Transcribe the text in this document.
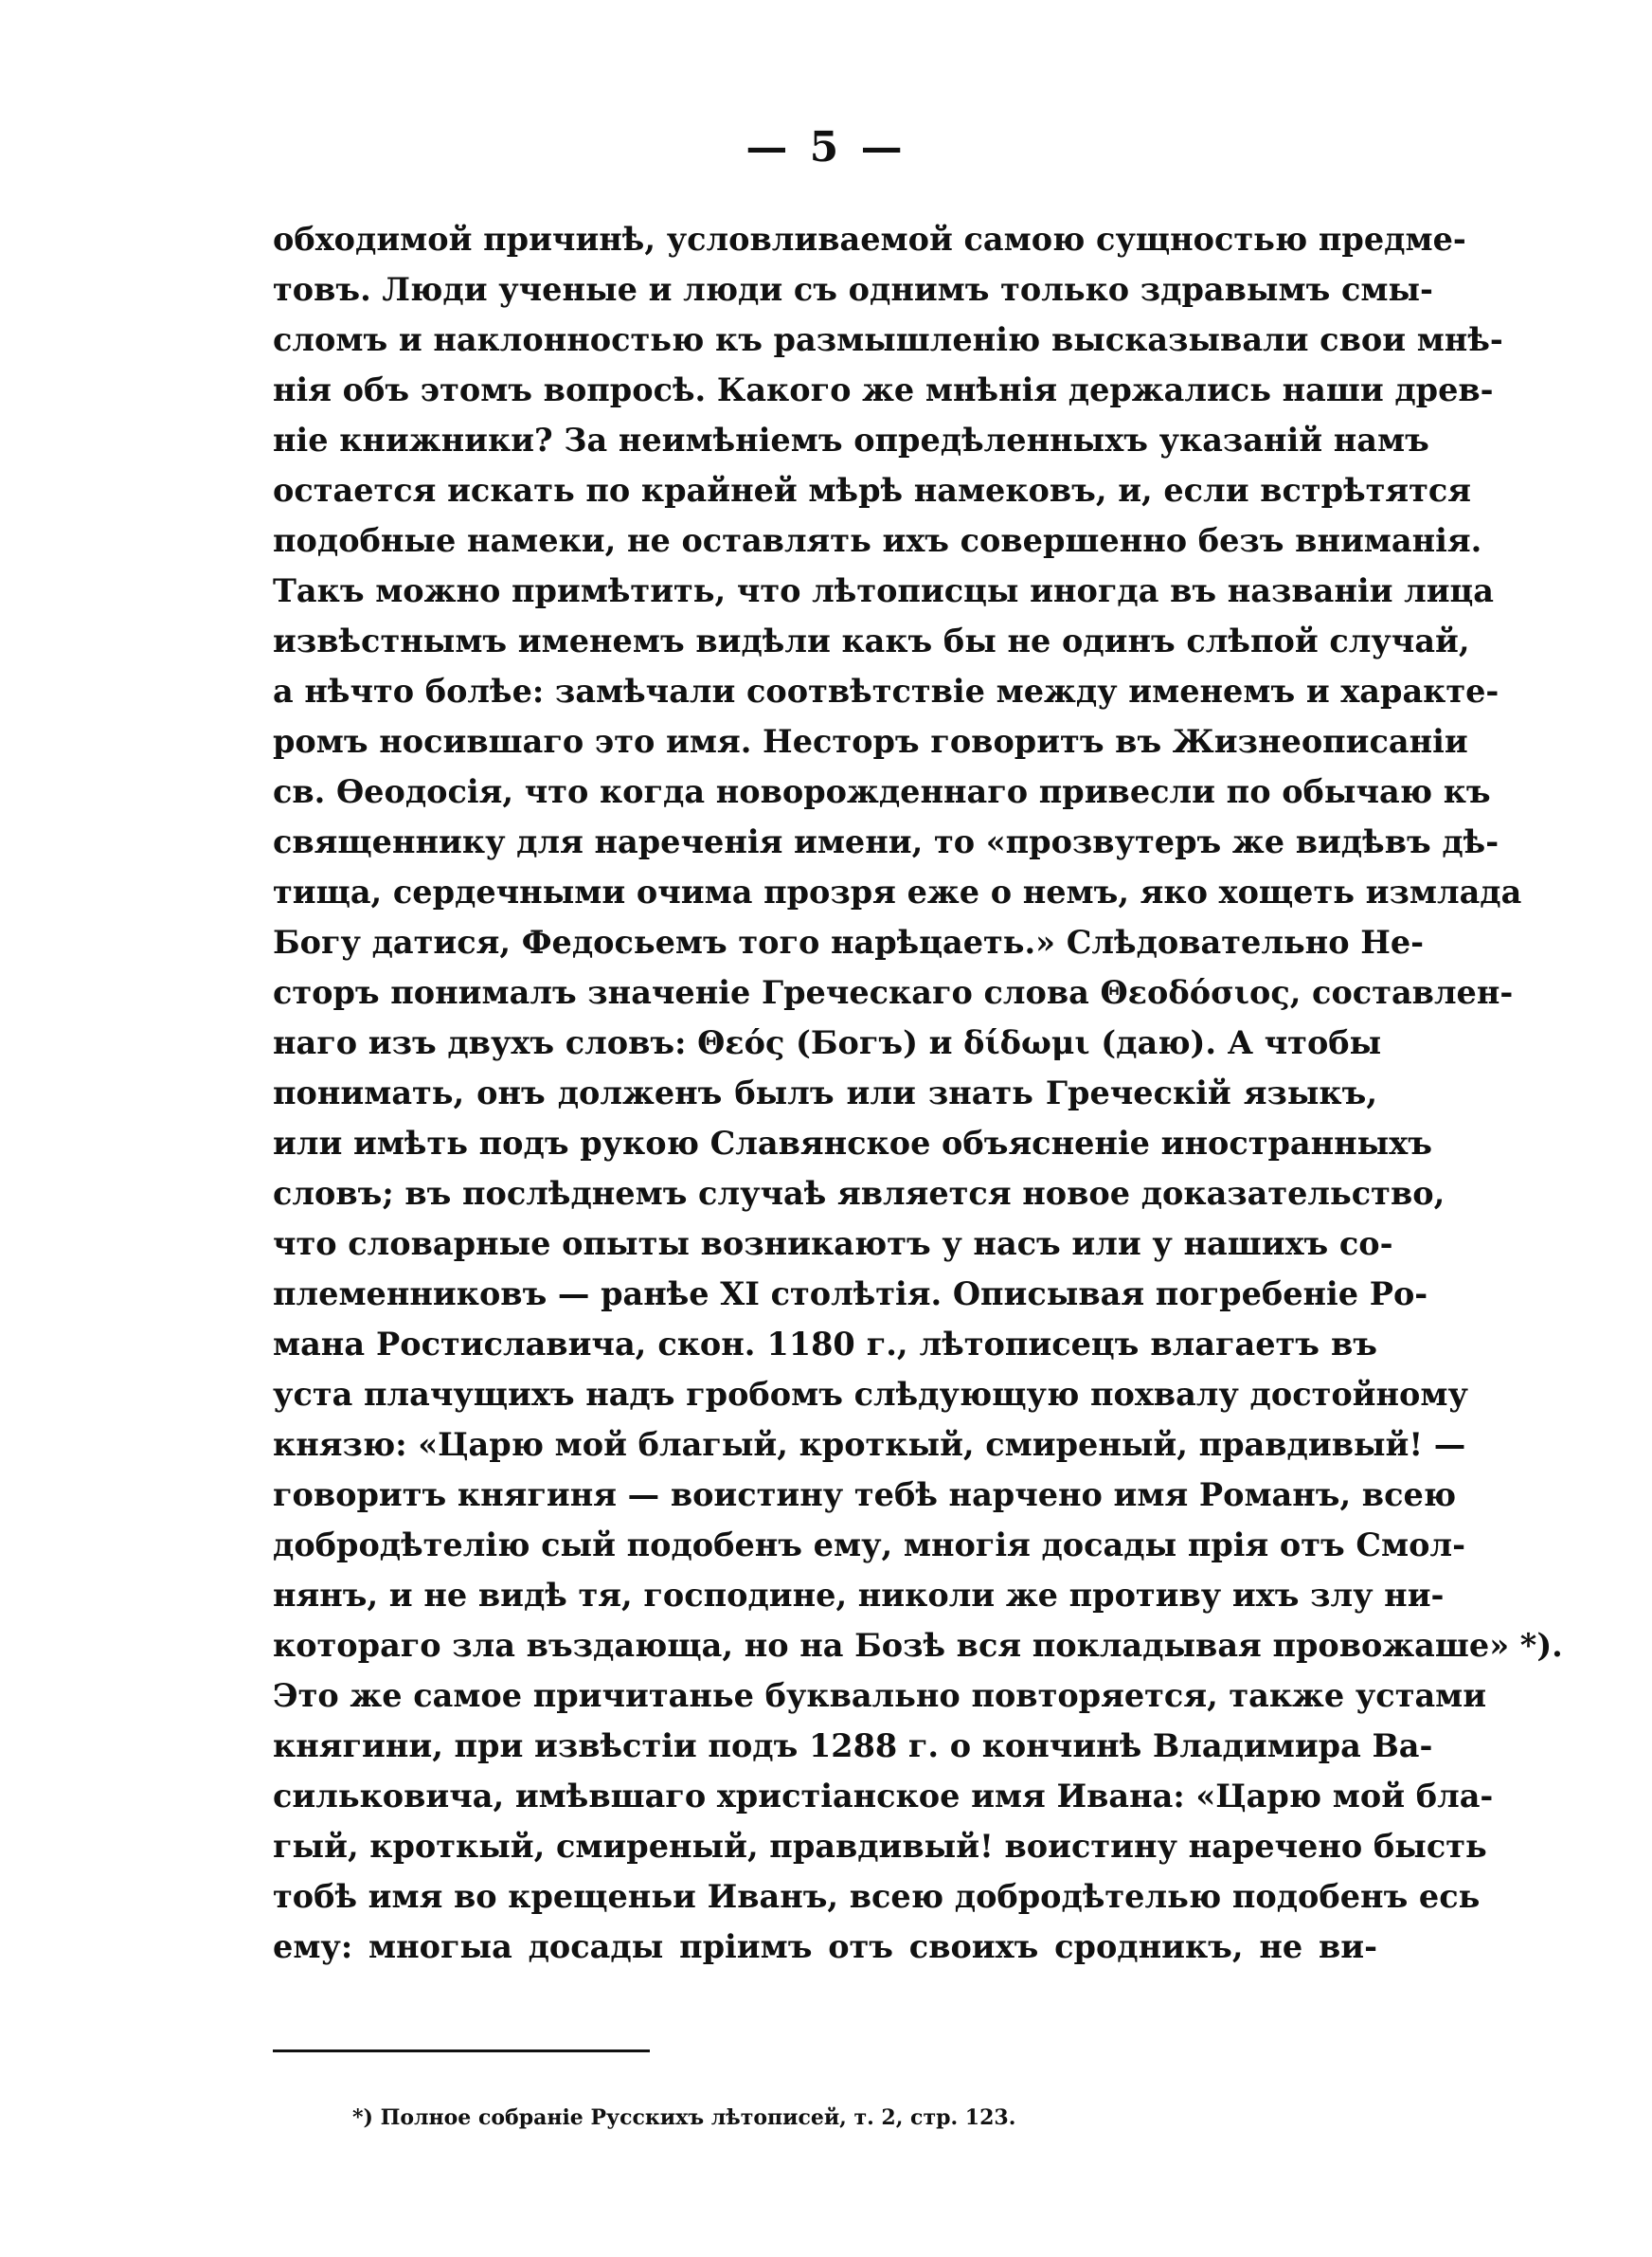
— 5 —
обходимой причинѣ, условливаемой самою сущностью предме-
товъ. Люди ученые и люди съ однимъ только здравымъ смы-
сломъ и наклонностью къ размышленію высказывали свои мнѣ-
нія объ этомъ вопросѣ. Какого же мнѣнія держались наши древ-
ніе книжники? За неимѣніемъ опредѣленныхъ указаній намъ
остается искать по крайней мѣрѣ намековъ, и, если встрѣтятся
подобные намеки, не оставлять ихъ совершенно безъ вниманія.
Такъ можно примѣтить, что лѣтописцы иногда въ названіи лица
извѣстнымъ именемъ видѣли какъ бы не одинъ слѣпой случай,
а нѣчто болѣе: замѣчали соотвѣтствіе между именемъ и характе-
ромъ носившаго это имя. Несторъ говоритъ въ Жизнеописаніи
св. Ѳеодосія, что когда новорожденнаго привесли по обычаю къ
священнику для нареченія имени, то «прозвутеръ же видѣвъ дѣ-
тища, сердечными очима прозря еже о немъ, яко хощеть измлада
Богу датися, Федосьемъ того нарѣцаеть.» Слѣдовательно Не-
сторъ понималъ значеніе Греческаго слова Θεοδόσιος, составлен-
наго изъ двухъ словъ: Θεός (Богъ) и δίδωμι (даю). А чтобы
понимать, онъ долженъ былъ или знать Греческій языкъ,
или имѣть подъ рукою Славянское объясненіе иностранныхъ
словъ; въ послѣднемъ случаѣ является новое доказательство,
что словарные опыты возникаютъ у насъ или у нашихъ со-
племенниковъ — ранѣе XI столѣтія. Описывая погребеніе Ро-
мана Ростиславича, скон. 1180 г., лѣтописецъ влагаетъ въ
уста плачущихъ надъ гробомъ слѣдующую похвалу достойному
князю: «Царю мой благый, кроткый, смиреный, правдивый! —
говоритъ княгиня — воистину тебѣ нарчено имя Романъ, всею
добродѣтелію сый подобенъ ему, многія досады прія отъ Смол-
нянъ, и не видѣ тя, господине, николи же противу ихъ злу ни-
котораго зла въздающа, но на Бозѣ вся покладывая провожаше» *).
Это же самое причитанье буквально повторяется, также устами
княгини, при извѣстіи подъ 1288 г. о кончинѣ Владимира Ва-
сильковича, имѣвшаго христіанское имя Ивана: «Царю мой бла-
гый, кроткый, смиреный, правдивый! воистину наречено бысть
тобѣ имя во крещеньи Иванъ, всею добродѣтелью подобенъ есь
ему: многыа досады пріимъ отъ своихъ сродникъ, не ви-
*) Полное собраніе Русскихъ лѣтописей, т. 2, стр. 123.
